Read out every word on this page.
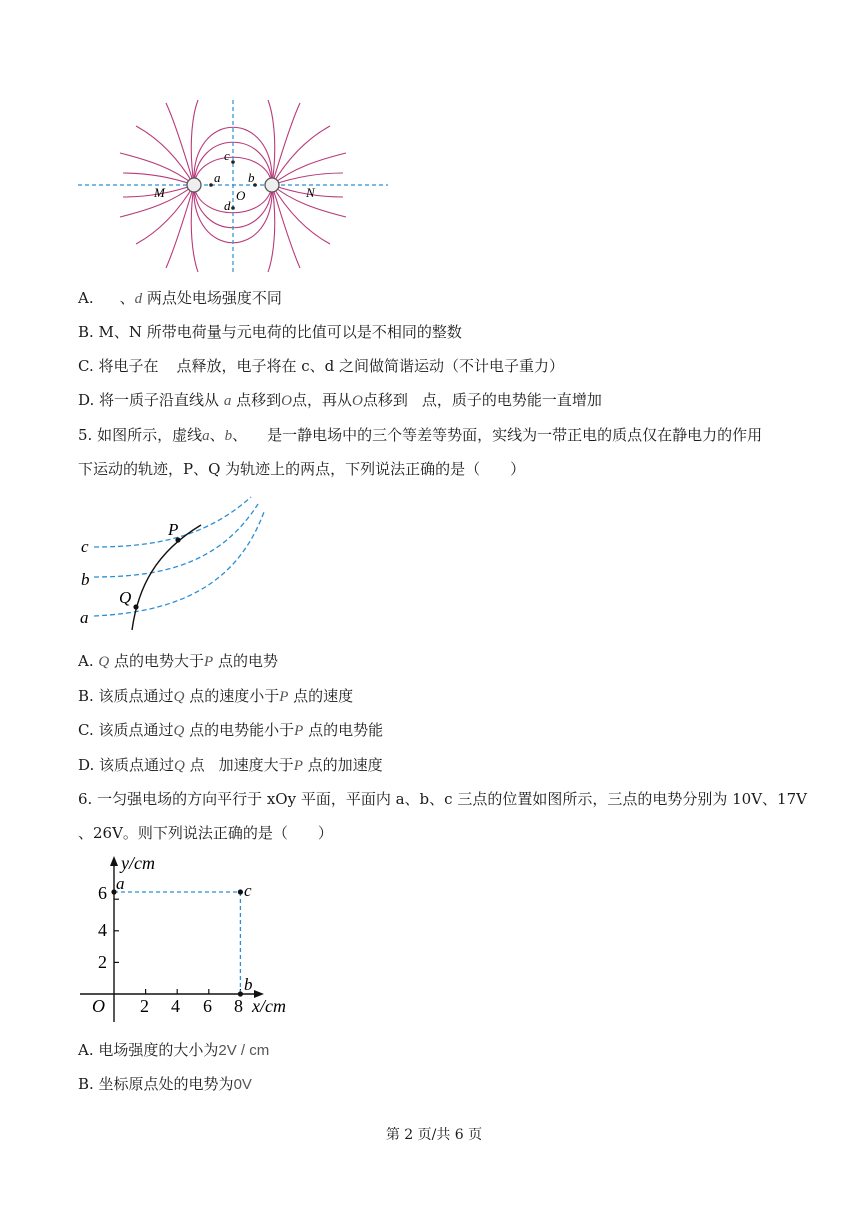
c
a
O
b
d
M	N
A. 、d 两点处电场强度不同
B. M、N 所带电荷量与元电荷的比值可以是不相同的整数
C. 将电子在 点释放，电子将在 c、d 之间做简谐运动（不计电子重力）
D. 将一质子沿直线从 a 点移到O点，再从O点移到 点，质子的电势能一直增加
5. 如图所示，虚线a、b、 是一静电场中的三个等差等势面，实线为一带正电的质点仅在静电力的作用
下运动的轨迹，P、Q 为轨迹上的两点，下列说法正确的是（　　）
P
Q
a
b
c
A. Q 点的电势大于P 点的电势
B. 该质点通过Q 点的速度小于P 点的速度
C. 该质点通过Q 点的电势能小于P 点的电势能
D. 该质点通过Q 点 加速度大于P 点的加速度
6. 一匀强电场的方向平行于 xOy 平面，平面内 a、b、c 三点的位置如图所示，三点的电势分别为 10V、17V
、26V。则下列说法正确的是（　　）
y/cm
x/cm
O
6
4
2
2 4 6 8
a	c
b
A. 电场强度的大小为2V / cm
B. 坐标原点处的电势为0V
第 2 页/共 6 页
